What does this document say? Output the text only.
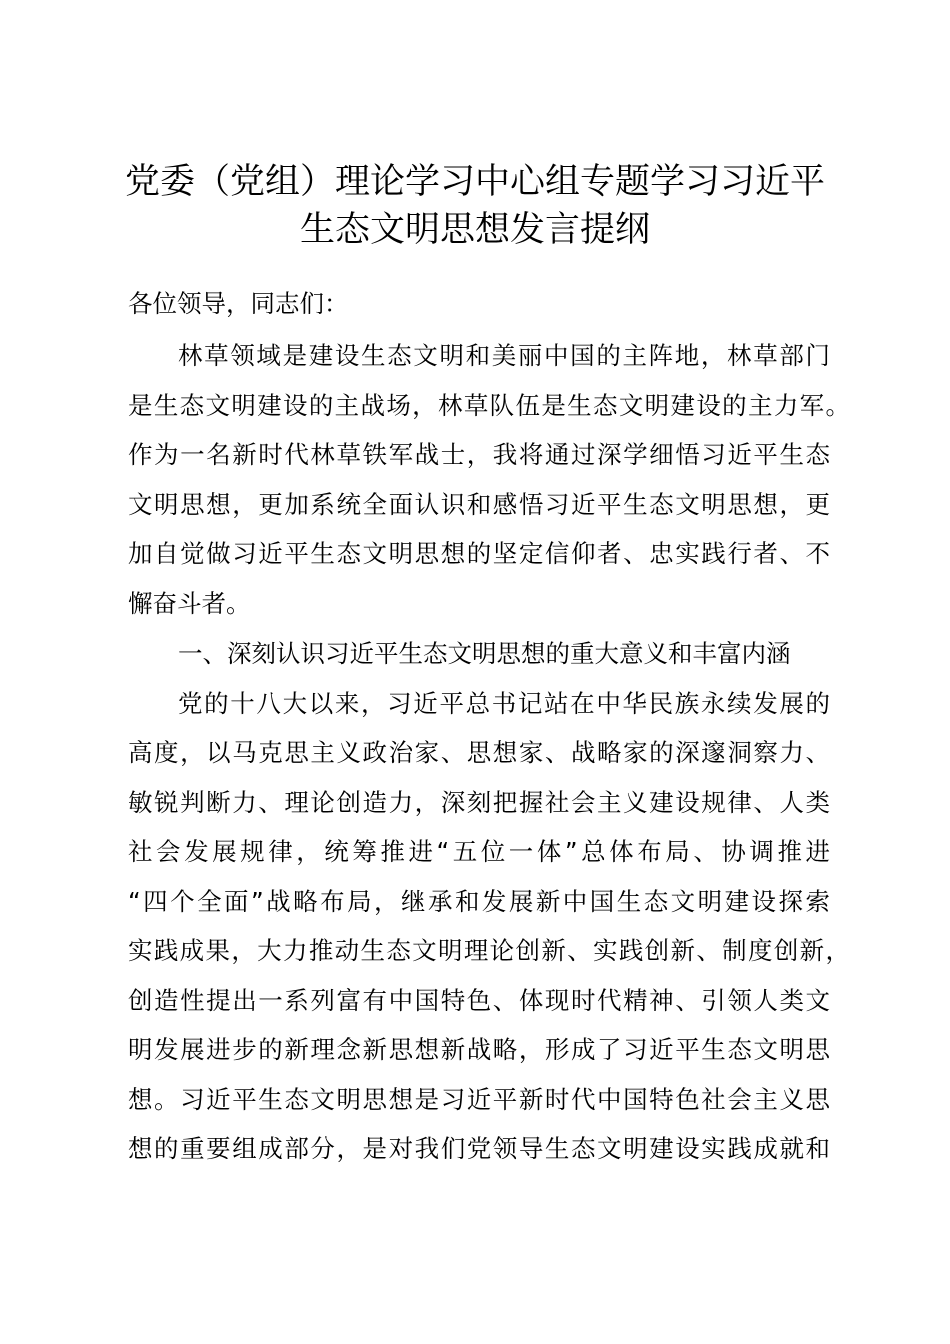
党委（党组）理论学习中心组专题学习习近平
生态文明思想发言提纲

各位领导，同志们：

林草领域是建设生态文明和美丽中国的主阵地，林草部门

是生态文明建设的主战场，林草队伍是生态文明建设的主力军。

作为一名新时代林草铁军战士，我将通过深学细悟习近平生态

文明思想，更加系统全面认识和感悟习近平生态文明思想，更

加自觉做习近平生态文明思想的坚定信仰者、忠实践行者、不

懈奋斗者。

一、深刻认识习近平生态文明思想的重大意义和丰富内涵

党的十八大以来，习近平总书记站在中华民族永续发展的

高度，以马克思主义政治家、思想家、战略家的深邃洞察力、

敏锐判断力、理论创造力，深刻把握社会主义建设规律、人类

社会发展规律，统筹推进“五位一体”总体布局、协调推进

“四个全面”战略布局，继承和发展新中国生态文明建设探索

实践成果，大力推动生态文明理论创新、实践创新、制度创新，

创造性提出一系列富有中国特色、体现时代精神、引领人类文

明发展进步的新理念新思想新战略，形成了习近平生态文明思

想。习近平生态文明思想是习近平新时代中国特色社会主义思

想的重要组成部分，是对我们党领导生态文明建设实践成就和
